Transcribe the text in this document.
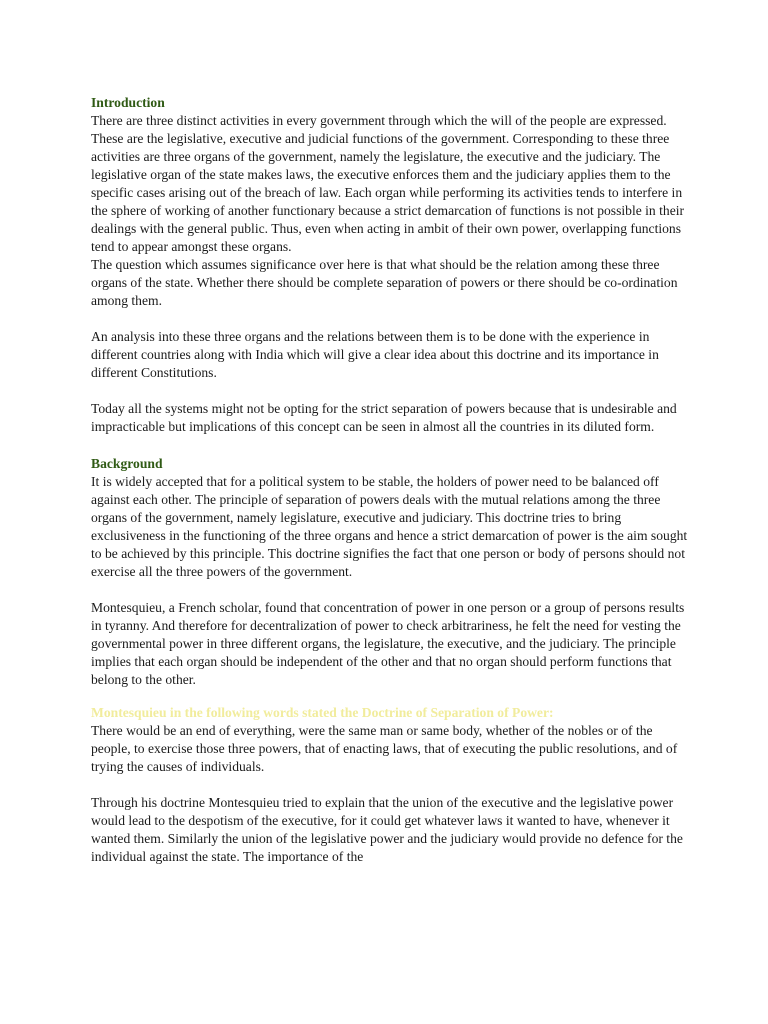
Introduction

There are three distinct activities in every government through which the will of the people are expressed. These are the legislative, executive and judicial functions of the government. Corresponding to these three activities are three organs of the government, namely the legislature, the executive and the judiciary. The legislative organ of the state makes laws, the executive enforces them and the judiciary applies them to the specific cases arising out of the breach of law. Each organ while performing its activities tends to interfere in the sphere of working of another functionary because a strict demarcation of functions is not possible in their dealings with the general public. Thus, even when acting in ambit of their own power, overlapping functions tend to appear amongst these organs.

The question which assumes significance over here is that what should be the relation among these three organs of the state. Whether there should be complete separation of powers or there should be co-ordination among them.

An analysis into these three organs and the relations between them is to be done with the experience in different countries along with India which will give a clear idea about this doctrine and its importance in different Constitutions.

Today all the systems might not be opting for the strict separation of powers because that is undesirable and impracticable but implications of this concept can be seen in almost all the countries in its diluted form.

Background

It is widely accepted that for a political system to be stable, the holders of power need to be balanced off against each other. The principle of separation of powers deals with the mutual relations among the three organs of the government, namely legislature, executive and judiciary. This doctrine tries to bring exclusiveness in the functioning of the three organs and hence a strict demarcation of power is the aim sought to be achieved by this principle. This doctrine signifies the fact that one person or body of persons should not exercise all the three powers of the government.

Montesquieu, a French scholar, found that concentration of power in one person or a group of persons results in tyranny. And therefore for decentralization of power to check arbitrariness, he felt the need for vesting the governmental power in three different organs, the legislature, the executive, and the judiciary. The principle implies that each organ should be independent of the other and that no organ should perform functions that belong to the other.

Montesquieu in the following words stated the Doctrine of Separation of Power:

There would be an end of everything, were the same man or same body, whether of the nobles or of the people, to exercise those three powers, that of enacting laws, that of executing the public resolutions, and of trying the causes of individuals.

Through his doctrine Montesquieu tried to explain that the union of the executive and the legislative power would lead to the despotism of the executive, for it could get whatever laws it wanted to have, whenever it wanted them. Similarly the union of the legislative power and the judiciary would provide no defence for the individual against the state. The importance of the
